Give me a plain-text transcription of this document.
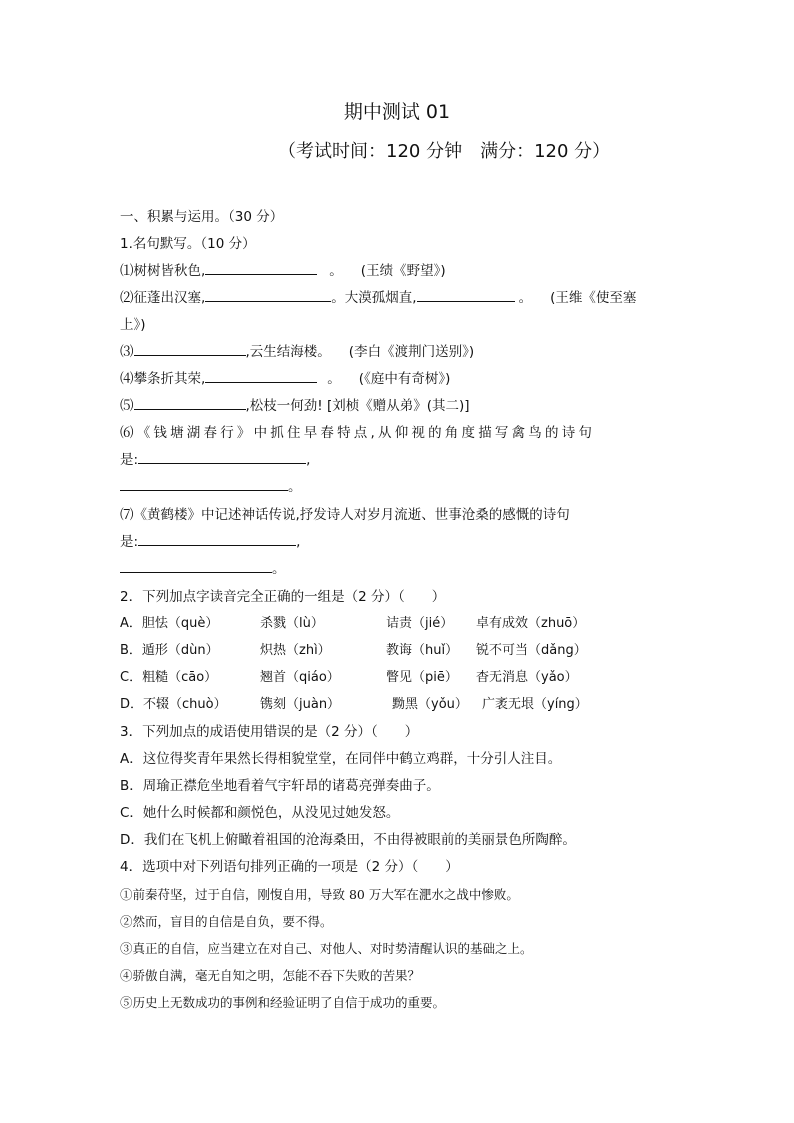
期中测试 01
（考试时间：120 分钟　满分：120 分）
一、积累与运用。（30 分）
1.名句默写。（10 分）
⑴树树皆秋色,	。 (王绩《野望》)
⑵征蓬出汉塞,	。大漠孤烟直,	。 (王维《使至塞
上》)
⑶	,云生结海楼。 (李白《渡荆门送别》)
⑷攀条折其荣,	。 (《庭中有奇树》)
⑸	,松枝一何劲! [刘桢《赠从弟》(其二)]
⑹《钱塘湖春行》中抓住早春特点,从仰视的角度描写禽鸟的诗句
是:	,
。
⑺《黄鹤楼》中记述神话传说,抒发诗人对岁月流逝、世事沧桑的感慨的诗句
是:	,
。
2．下列加点字读音完全正确的一组是（2 分）（　　）
A．胆怯（què）	杀戮（lù）	诘责（jié） 卓有成效（zhuō）
B．遁形（dùn）	炽热（zhì）	教诲（huǐ） 锐不可当（dǎng）
C．粗糙（cāo）	翘首（qiáo）	瞥见（piē） 杳无消息（yǎo）
D．不辍（chuò）	镌刻（juàn）	黝黑（yǒu） 广袤无垠（yíng）
3．下列加点的成语使用错误的是（2 分）（　　）
A．这位得奖青年果然长得相貌堂堂，在同伴中鹤立鸡群，十分引人注目。
B．周瑜正襟危坐地看着气宇轩昂的诸葛亮弹奏曲子。
C．她什么时候都和颜悦色，从没见过她发怒。
D．我们在飞机上俯瞰着祖国的沧海桑田，不由得被眼前的美丽景色所陶醉。
4．选项中对下列语句排列正确的一项是（2 分）（　　）
①前秦苻坚，过于自信，刚愎自用，导致 80 万大军在淝水之战中惨败。
②然而，盲目的自信是自负，要不得。
③真正的自信，应当建立在对自己、对他人、对时势清醒认识的基础之上。
④骄傲自满，毫无自知之明，怎能不吞下失败的苦果？
⑤历史上无数成功的事例和经验证明了自信于成功的重要。
